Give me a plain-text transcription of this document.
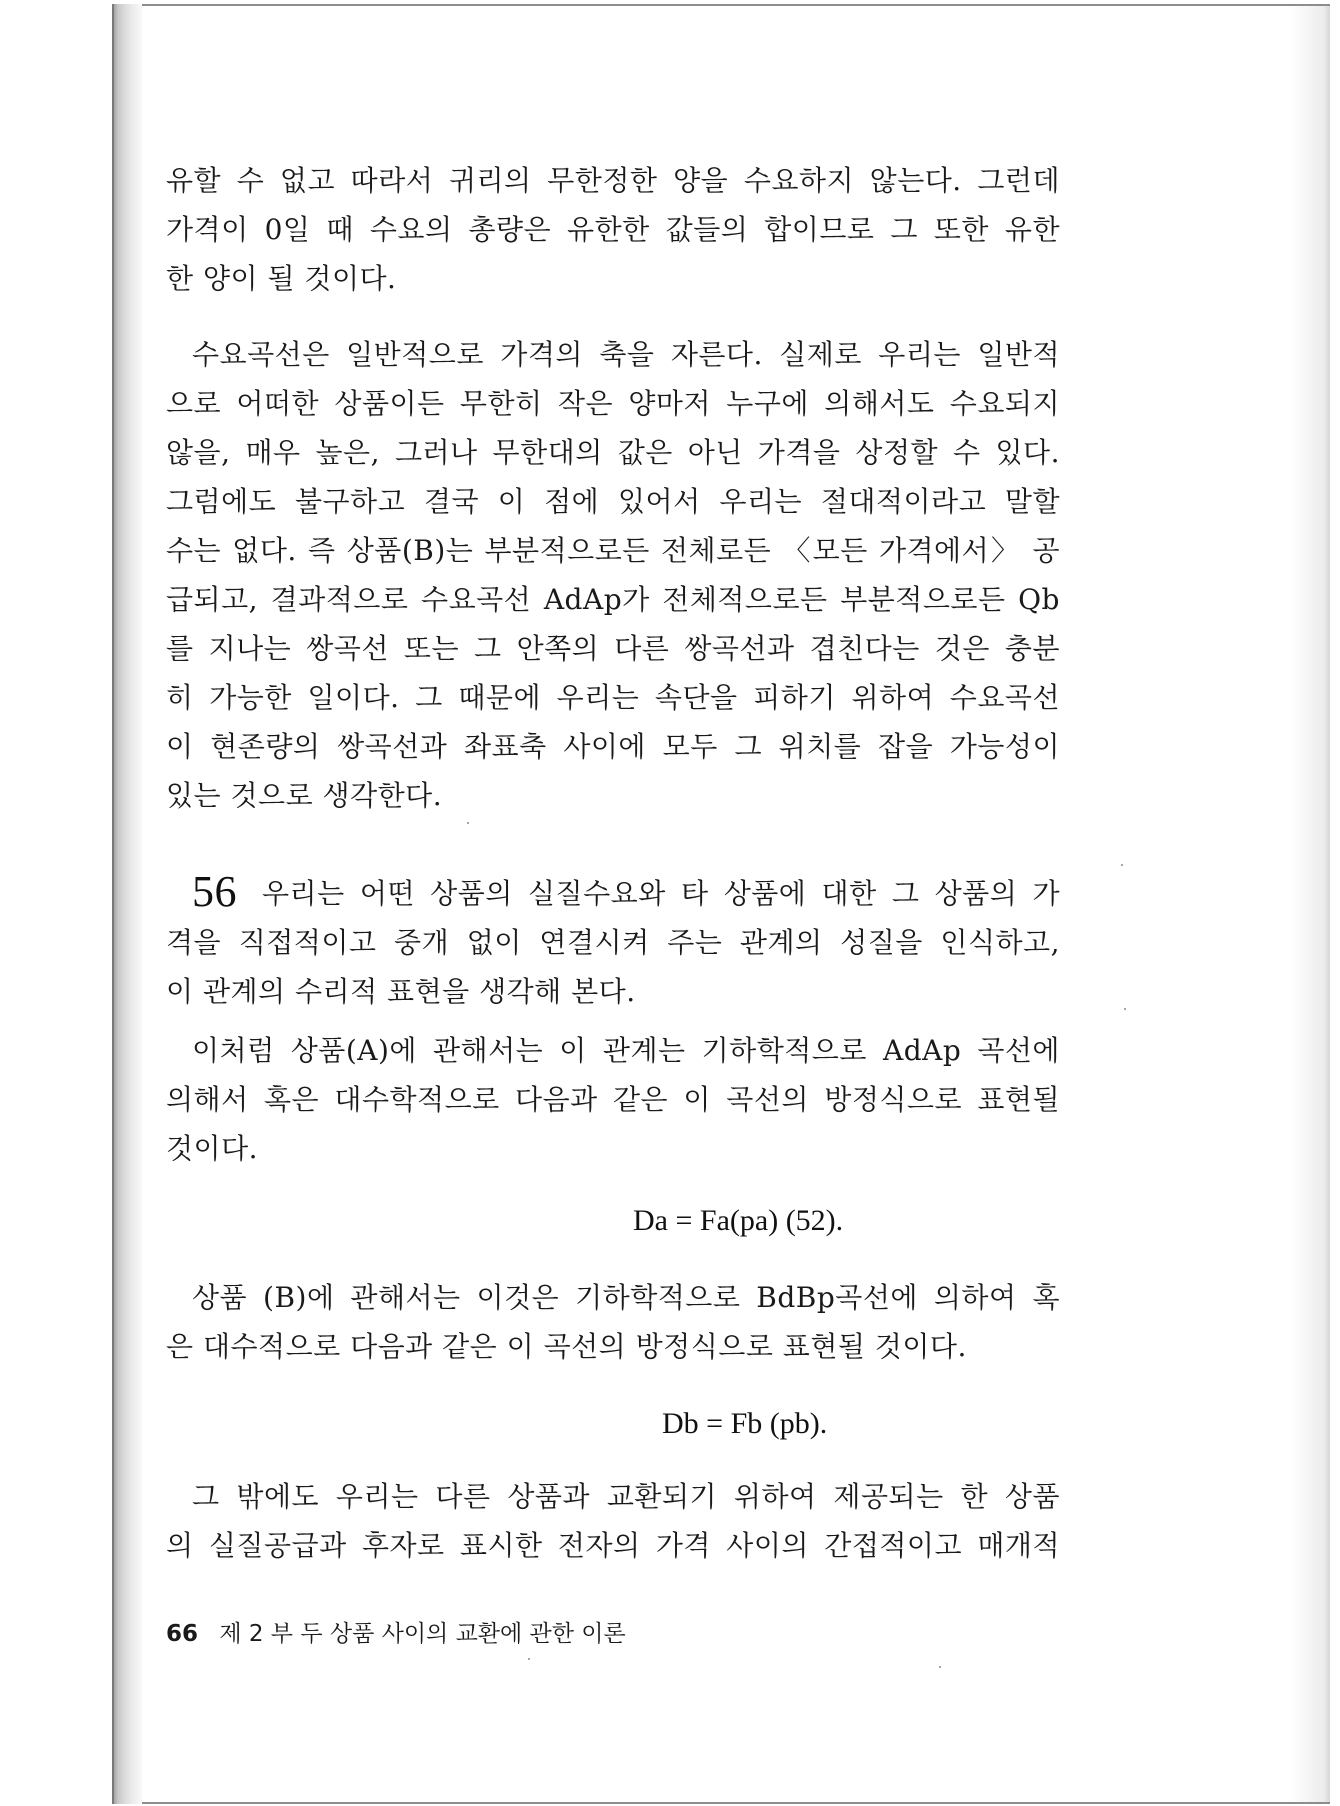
유할 수 없고 따라서 귀리의 무한정한 양을 수요하지 않는다. 그런데
가격이 0일 때 수요의 총량은 유한한 값들의 합이므로 그 또한 유한
한 양이 될 것이다.
수요곡선은 일반적으로 가격의 축을 자른다. 실제로 우리는 일반적
으로 어떠한 상품이든 무한히 작은 양마저 누구에 의해서도 수요되지
않을, 매우 높은, 그러나 무한대의 값은 아닌 가격을 상정할 수 있다.
그럼에도 불구하고 결국 이 점에 있어서 우리는 절대적이라고 말할
수는 없다. 즉 상품(B)는 부분적으로든 전체로든 〈모든 가격에서〉 공
급되고, 결과적으로 수요곡선 AdAp가 전체적으로든 부분적으로든 Qb
를 지나는 쌍곡선 또는 그 안쪽의 다른 쌍곡선과 겹친다는 것은 충분
히 가능한 일이다. 그 때문에 우리는 속단을 피하기 위하여 수요곡선
이 현존량의 쌍곡선과 좌표축 사이에 모두 그 위치를 잡을 가능성이
있는 것으로 생각한다.
56 우리는 어떤 상품의 실질수요와 타 상품에 대한 그 상품의 가
격을 직접적이고 중개 없이 연결시켜 주는 관계의 성질을 인식하고,
이 관계의 수리적 표현을 생각해 본다.
이처럼 상품(A)에 관해서는 이 관계는 기하학적으로 AdAp 곡선에
의해서 혹은 대수학적으로 다음과 같은 이 곡선의 방정식으로 표현될
것이다.
Da = Fa(pa) (52).
상품 (B)에 관해서는 이것은 기하학적으로 BdBp곡선에 의하여 혹
은 대수적으로 다음과 같은 이 곡선의 방정식으로 표현될 것이다.
Db = Fb (pb).
그 밖에도 우리는 다른 상품과 교환되기 위하여 제공되는 한 상품
의 실질공급과 후자로 표시한 전자의 가격 사이의 간접적이고 매개적
66 제 2 부 두 상품 사이의 교환에 관한 이론
